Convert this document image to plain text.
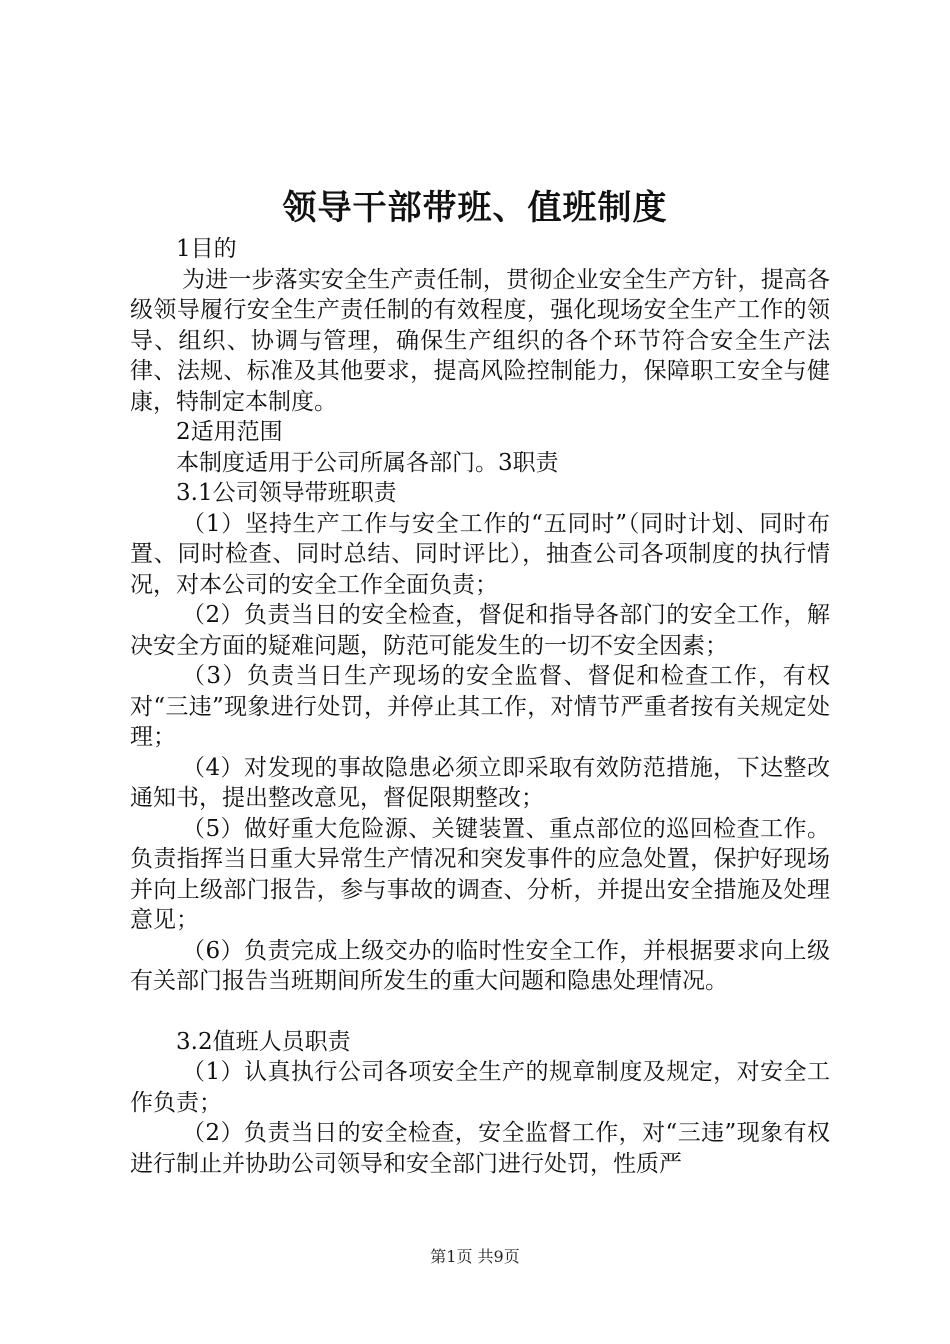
领导干部带班、值班制度

1目的

为进一步落实安全生产责任制，贯彻企业安全生产方针，提高各级领导履行安全生产责任制的有效程度，强化现场安全生产工作的领导、组织、协调与管理，确保生产组织的各个环节符合安全生产法律、法规、标准及其他要求，提高风险控制能力，保障职工安全与健康，特制定本制度。

2适用范围

本制度适用于公司所属各部门。3职责

3.1公司领导带班职责

（1）坚持生产工作与安全工作的“五同时”（同时计划、同时布置、同时检查、同时总结、同时评比），抽查公司各项制度的执行情况，对本公司的安全工作全面负责；

（2）负责当日的安全检查，督促和指导各部门的安全工作，解决安全方面的疑难问题，防范可能发生的一切不安全因素；

（3）负责当日生产现场的安全监督、督促和检查工作，有权对“三违”现象进行处罚，并停止其工作，对情节严重者按有关规定处理；

（4）对发现的事故隐患必须立即采取有效防范措施，下达整改通知书，提出整改意见，督促限期整改；

（5）做好重大危险源、关键装置、重点部位的巡回检查工作。负责指挥当日重大异常生产情况和突发事件的应急处置，保护好现场并向上级部门报告，参与事故的调查、分析，并提出安全措施及处理意见；

（6）负责完成上级交办的临时性安全工作，并根据要求向上级有关部门报告当班期间所发生的重大问题和隐患处理情况。

3.2值班人员职责

（1）认真执行公司各项安全生产的规章制度及规定，对安全工作负责；

（2）负责当日的安全检查，安全监督工作，对“三违”现象有权进行制止并协助公司领导和安全部门进行处罚，性质严

第1页 共9页
